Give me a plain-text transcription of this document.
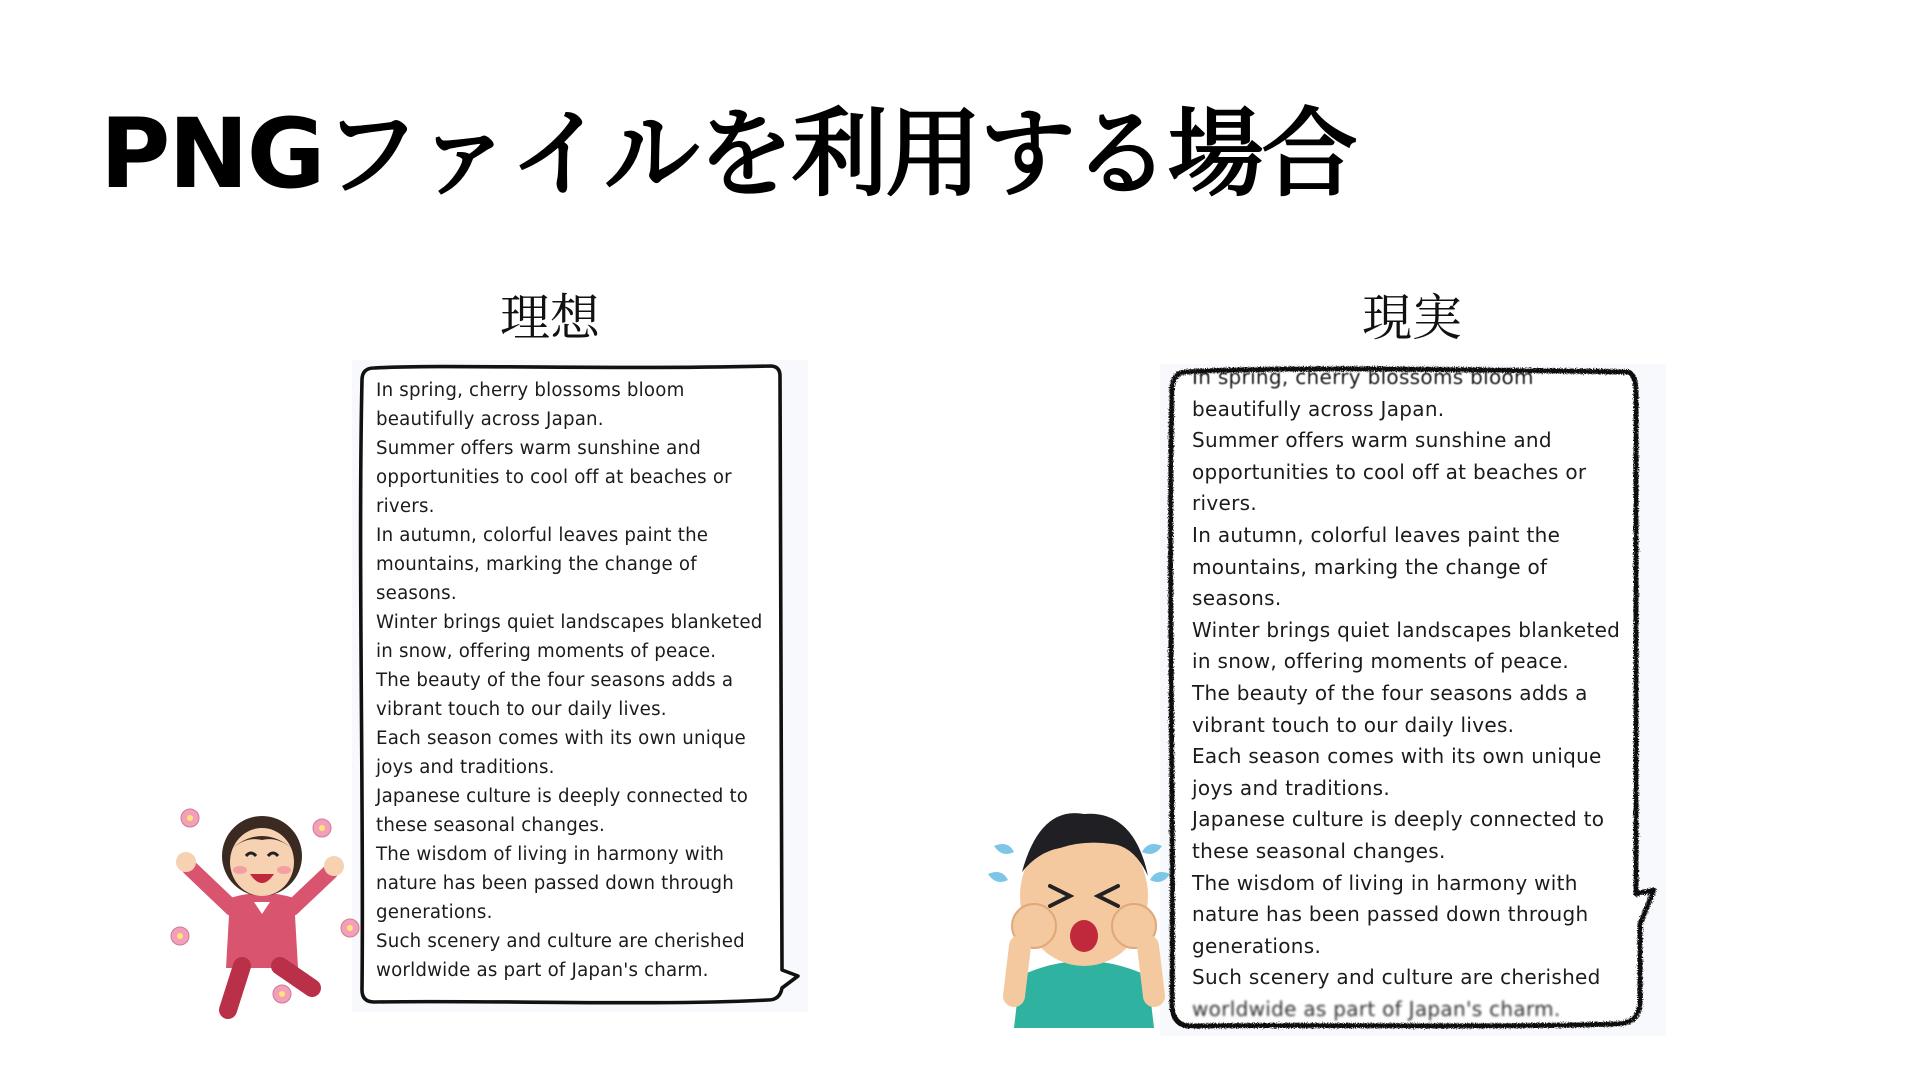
PNGファイルを利用する場合
理想	現実
In spring, cherry blossoms bloom
beautifully across Japan.
Summer offers warm sunshine and
opportunities to cool off at beaches or
rivers.
In autumn, colorful leaves paint the
mountains, marking the change of
seasons.
Winter brings quiet landscapes blanketed
in snow, offering moments of peace.
The beauty of the four seasons adds a
vibrant touch to our daily lives.
Each season comes with its own unique
joys and traditions.
Japanese culture is deeply connected to
these seasonal changes.
The wisdom of living in harmony with
nature has been passed down through
generations.
Such scenery and culture are cherished
worldwide as part of Japan's charm.
In spring, cherry blossoms bloom
beautifully across Japan.
Summer offers warm sunshine and
opportunities to cool off at beaches or
rivers.
In autumn, colorful leaves paint the
mountains, marking the change of
seasons.
Winter brings quiet landscapes blanketed
in snow, offering moments of peace.
The beauty of the four seasons adds a
vibrant touch to our daily lives.
Each season comes with its own unique
joys and traditions.
Japanese culture is deeply connected to
these seasonal changes.
The wisdom of living in harmony with
nature has been passed down through
generations.
Such scenery and culture are cherished
worldwide as part of Japan's charm.
